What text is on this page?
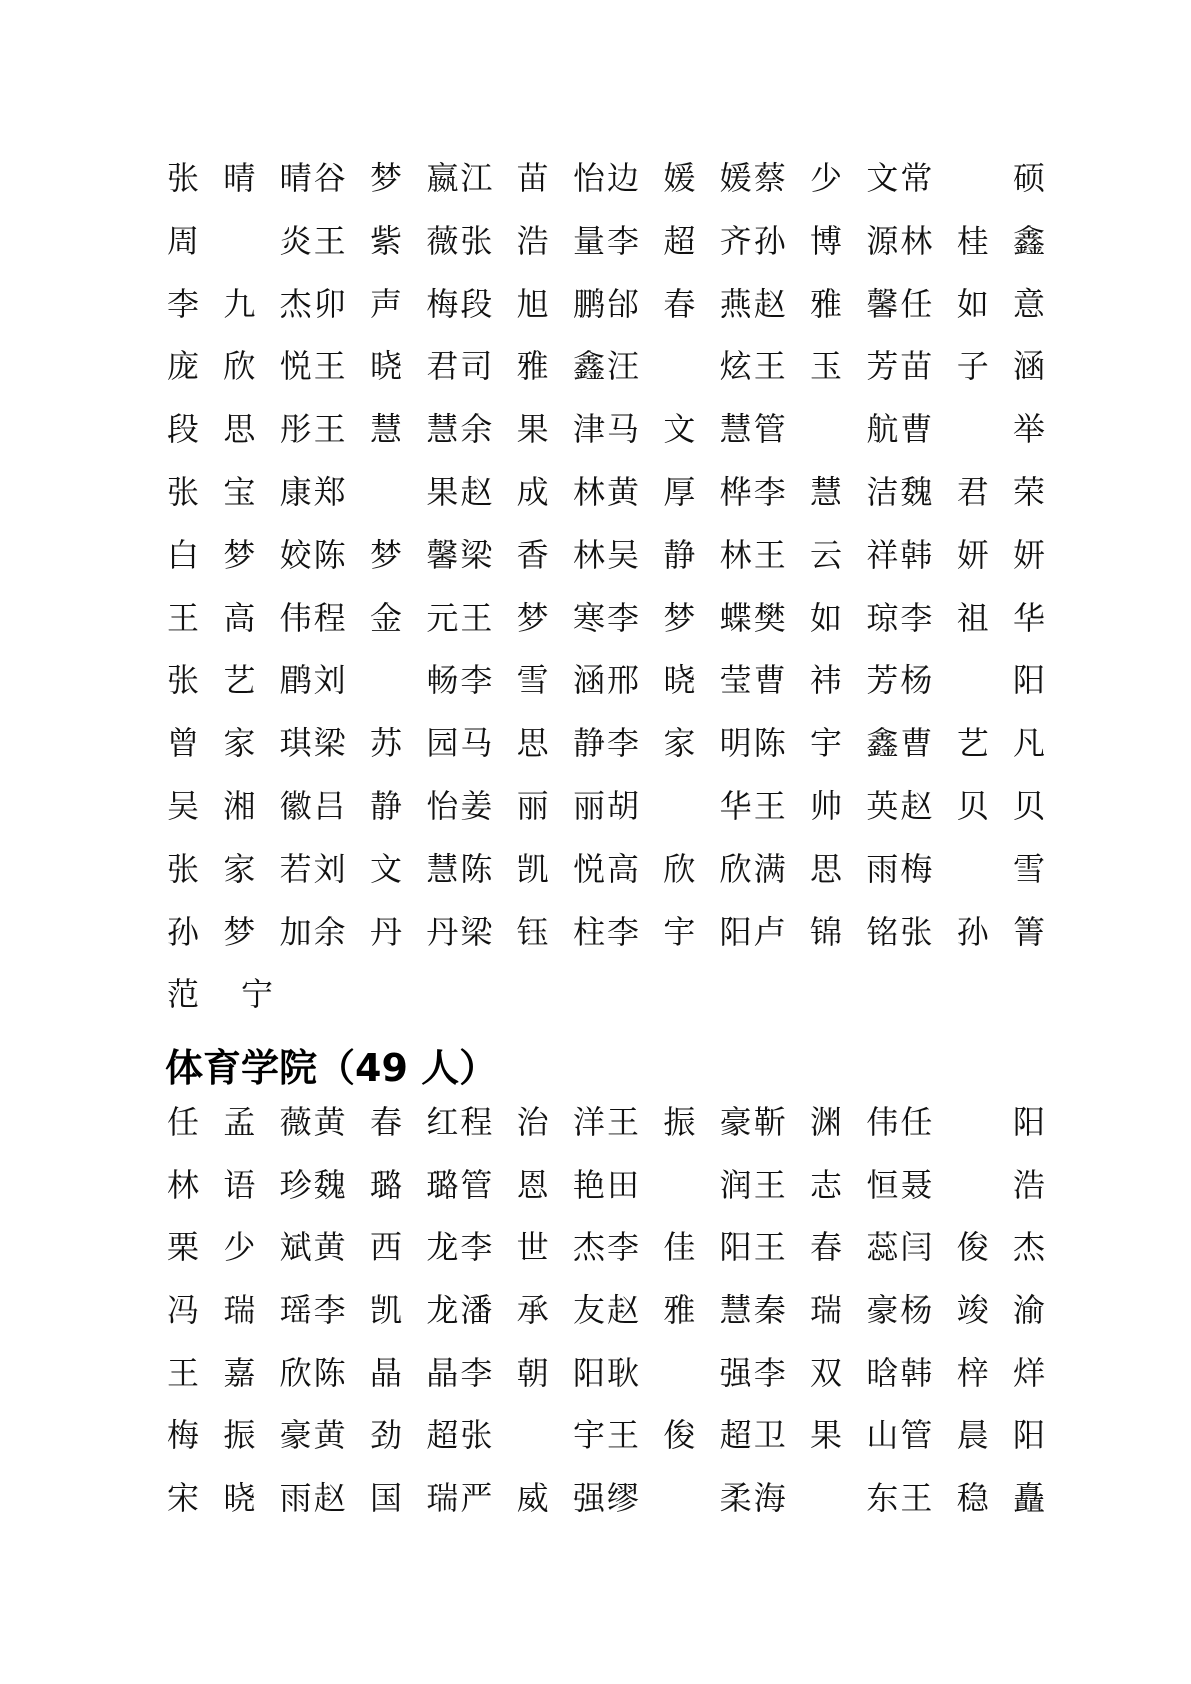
张 晴 晴
谷 梦 嬴
江 苗 怡
边 媛 媛
蔡 少 文
常
硕
周
炎
王 紫 薇
张 浩 量
李 超 齐
孙 博 源
林 桂 鑫
李 九 杰
卯 声 梅
段 旭 鹏
邰 春 燕
赵 雅 馨
任 如 意
庞 欣 悦
王 晓 君
司 雅 鑫
汪
炫
王 玉 芳
苗 子 涵
段 思 彤
王 慧 慧
余 果 津
马 文 慧
管
航
曹
举
张 宝 康
郑
果
赵 成 林
黄 厚 桦
李 慧 洁
魏 君 荣
白 梦 姣
陈 梦 馨
梁 香 林
吴 静 林
王 云 祥
韩 妍 妍
王 高 伟
程 金 元
王 梦 寒
李 梦 蝶
樊 如 琼
李 祖 华
张 艺 鹛
刘
畅
李 雪 涵
邢 晓 莹
曹 祎 芳
杨
阳
曾 家 琪
梁 苏 园
马 思 静
李 家 明
陈 宇 鑫
曹 艺 凡
吴 湘 徽
吕 静 怡
姜 丽 丽
胡
华
王 帅 英
赵 贝 贝
张 家 若
刘 文 慧
陈 凯 悦
高 欣 欣
满 思 雨
梅
雪
孙 梦 加
余 丹 丹
梁 钰 柱
李 宇 阳
卢 锦 铭
张 孙 箐
范 宁
体育学院（49 人）
任 孟 薇
黄 春 红
程 治 洋
王 振 豪
靳 渊 伟
任
阳
林 语 珍
魏 璐 璐
管 恩 艳
田
润
王 志 恒
聂
浩
栗 少 斌
黄 西 龙
李 世 杰
李 佳 阳
王 春 蕊
闫 俊 杰
冯 瑞 瑶
李 凯 龙
潘 承 友
赵 雅 慧
秦 瑞 豪
杨 竣 渝
王 嘉 欣
陈 晶 晶
李 朝 阳
耿
强
李 双 晗
韩 梓 烊
梅 振 豪
黄 劲 超
张
宇
王 俊 超
卫 果 山
管 晨 阳
宋 晓 雨
赵 国 瑞
严 威 强
缪
柔
海
东
王 稳 矗
